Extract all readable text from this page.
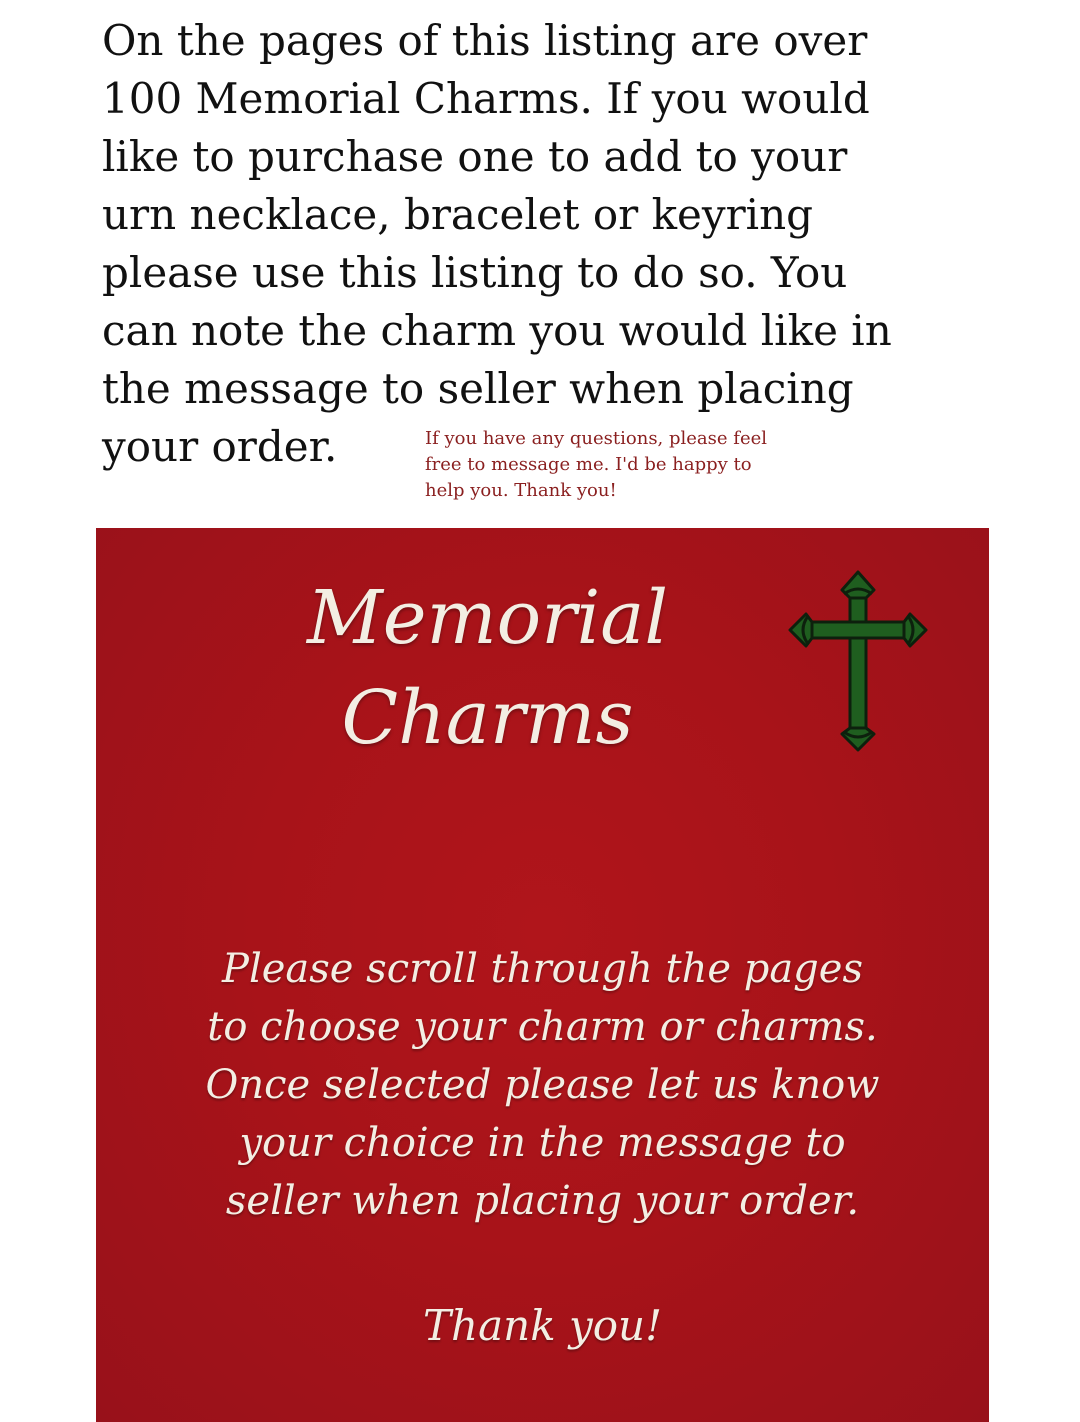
On the pages of this listing are over
100 Memorial Charms. If you would
like to purchase one to add to your
urn necklace, bracelet or keyring
please use this listing to do so. You
can note the charm you would like in
the message to seller when placing
your order.	If you have any questions, please feel
free to message me. I'd be happy to
help you. Thank you!
Memorial
Charms
Please scroll through the pages
to choose your charm or charms.
Once selected please let us know
your choice in the message to
seller when placing your order.
Thank you!
